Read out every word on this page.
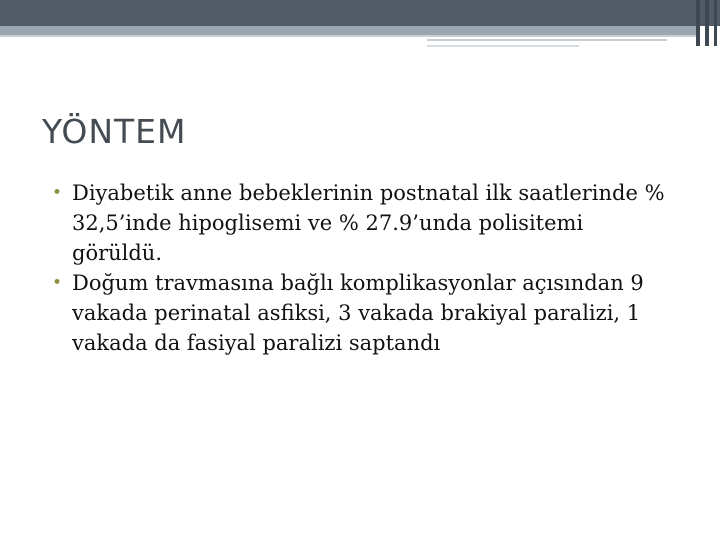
YÖNTEM
• Diyabetik anne bebeklerinin postnatal ilk saatlerinde % 32,5’inde hipoglisemi ve % 27.9’unda polisitemi görüldü.
• Doğum travmasına bağlı komplikasyonlar açısından 9 vakada perinatal asfiksi, 3 vakada brakiyal paralizi, 1 vakada da fasiyal paralizi saptandı
